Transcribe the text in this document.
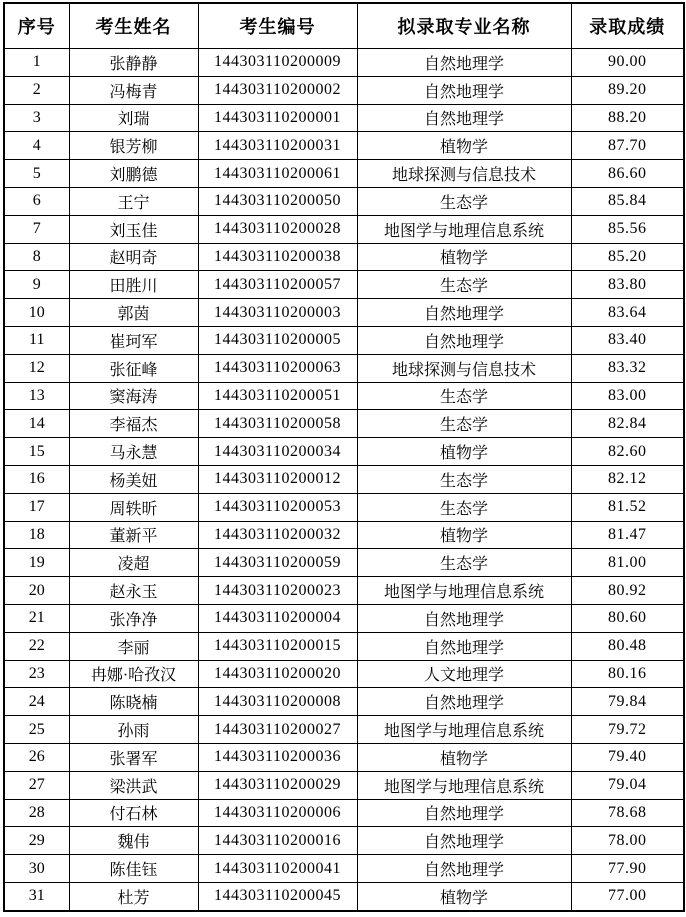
序号	考生姓名	考生编号	拟录取专业名称	录取成绩
1	张静静	144303110200009	自然地理学	90.00
2	冯梅青	144303110200002	自然地理学	89.20
3	刘瑞	144303110200001	自然地理学	88.20
4	银芳柳	144303110200031	植物学	87.70
5	刘鹏德	144303110200061	地球探测与信息技术	86.60
6	王宁	144303110200050	生态学	85.84
7	刘玉佳	144303110200028	地图学与地理信息系统	85.56
8	赵明奇	144303110200038	植物学	85.20
9	田胜川	144303110200057	生态学	83.80
10	郭茵	144303110200003	自然地理学	83.64
11	崔珂军	144303110200005	自然地理学	83.40
12	张征峰	144303110200063	地球探测与信息技术	83.32
13	窦海涛	144303110200051	生态学	83.00
14	李福杰	144303110200058	生态学	82.84
15	马永慧	144303110200034	植物学	82.60
16	杨美妞	144303110200012	生态学	82.12
17	周轶昕	144303110200053	生态学	81.52
18	董新平	144303110200032	植物学	81.47
19	凌超	144303110200059	生态学	81.00
20	赵永玉	144303110200023	地图学与地理信息系统	80.92
21	张净净	144303110200004	自然地理学	80.60
22	李丽	144303110200015	自然地理学	80.48
23	冉娜·哈孜汉	144303110200020	人文地理学	80.16
24	陈晓楠	144303110200008	自然地理学	79.84
25	孙雨	144303110200027	地图学与地理信息系统	79.72
26	张署军	144303110200036	植物学	79.40
27	梁洪武	144303110200029	地图学与地理信息系统	79.04
28	付石林	144303110200006	自然地理学	78.68
29	魏伟	144303110200016	自然地理学	78.00
30	陈佳钰	144303110200041	自然地理学	77.90
31	杜芳	144303110200045	植物学	77.00
